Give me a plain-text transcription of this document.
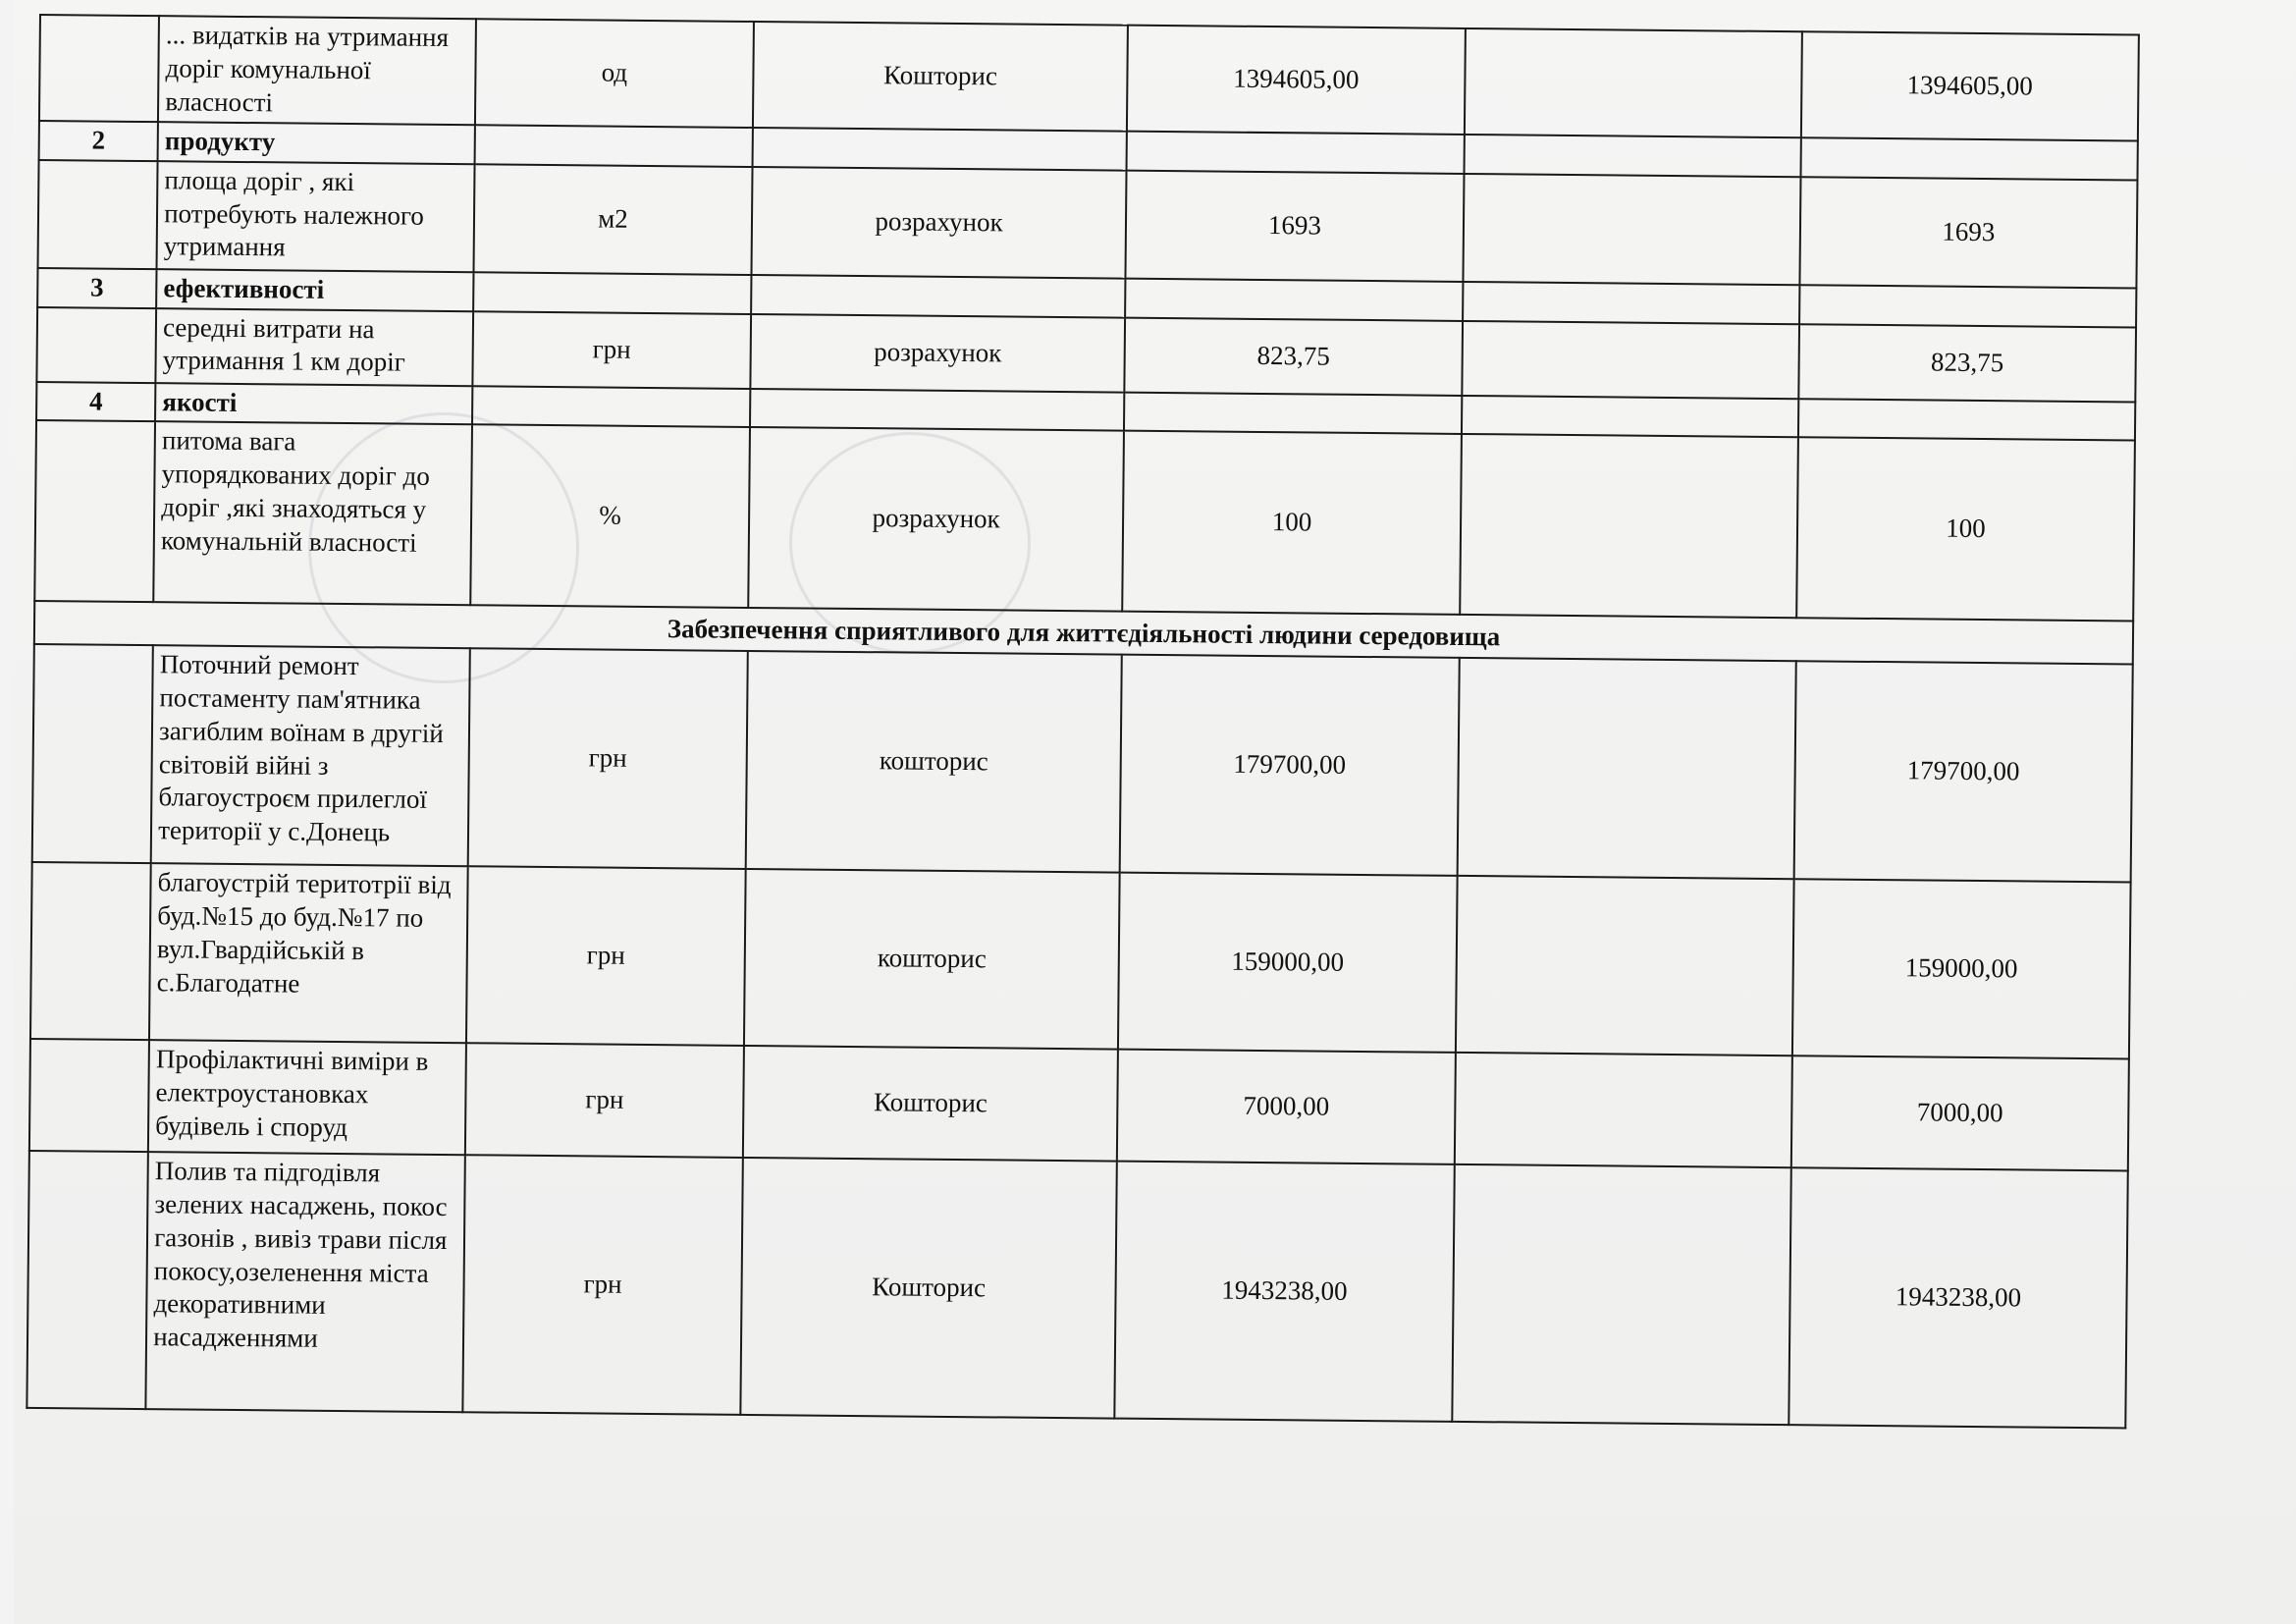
	... видатків на утримання доріг комунальної власності	од	Кошторис	1394605,00		1394605,00
2	продукту					
	площа доріг , які потребують належного утримання	м2	розрахунок	1693		1693
3	ефективності					
	середні витрати на утримання 1 км доріг	грн	розрахунок	823,75		823,75
4	якості					
	питома вага упорядкованих доріг до доріг ,які знаходяться у комунальній власності	%	розрахунок	100		100
Забезпечення сприятливого для життєдіяльності людини середовища						
	Поточний ремонт постаменту пам'ятника загиблим воїнам в другій світовій війні з благоустроєм прилеглої території у с.Донець	грн	кошторис	179700,00		179700,00
	благоустрій теритотрії від буд.№15 до буд.№17 по вул.Гвардійській в с.Благодатне	грн	кошторис	159000,00		159000,00
	Профілактичні виміри в електроустановках будівель і споруд	грн	Кошторис	7000,00		7000,00
	Полив та підгодівля зелених насаджень, покос газонів , вивіз трави після покосу,озеленення міста декоративними насадженнями	грн	Кошторис	1943238,00		1943238,00
